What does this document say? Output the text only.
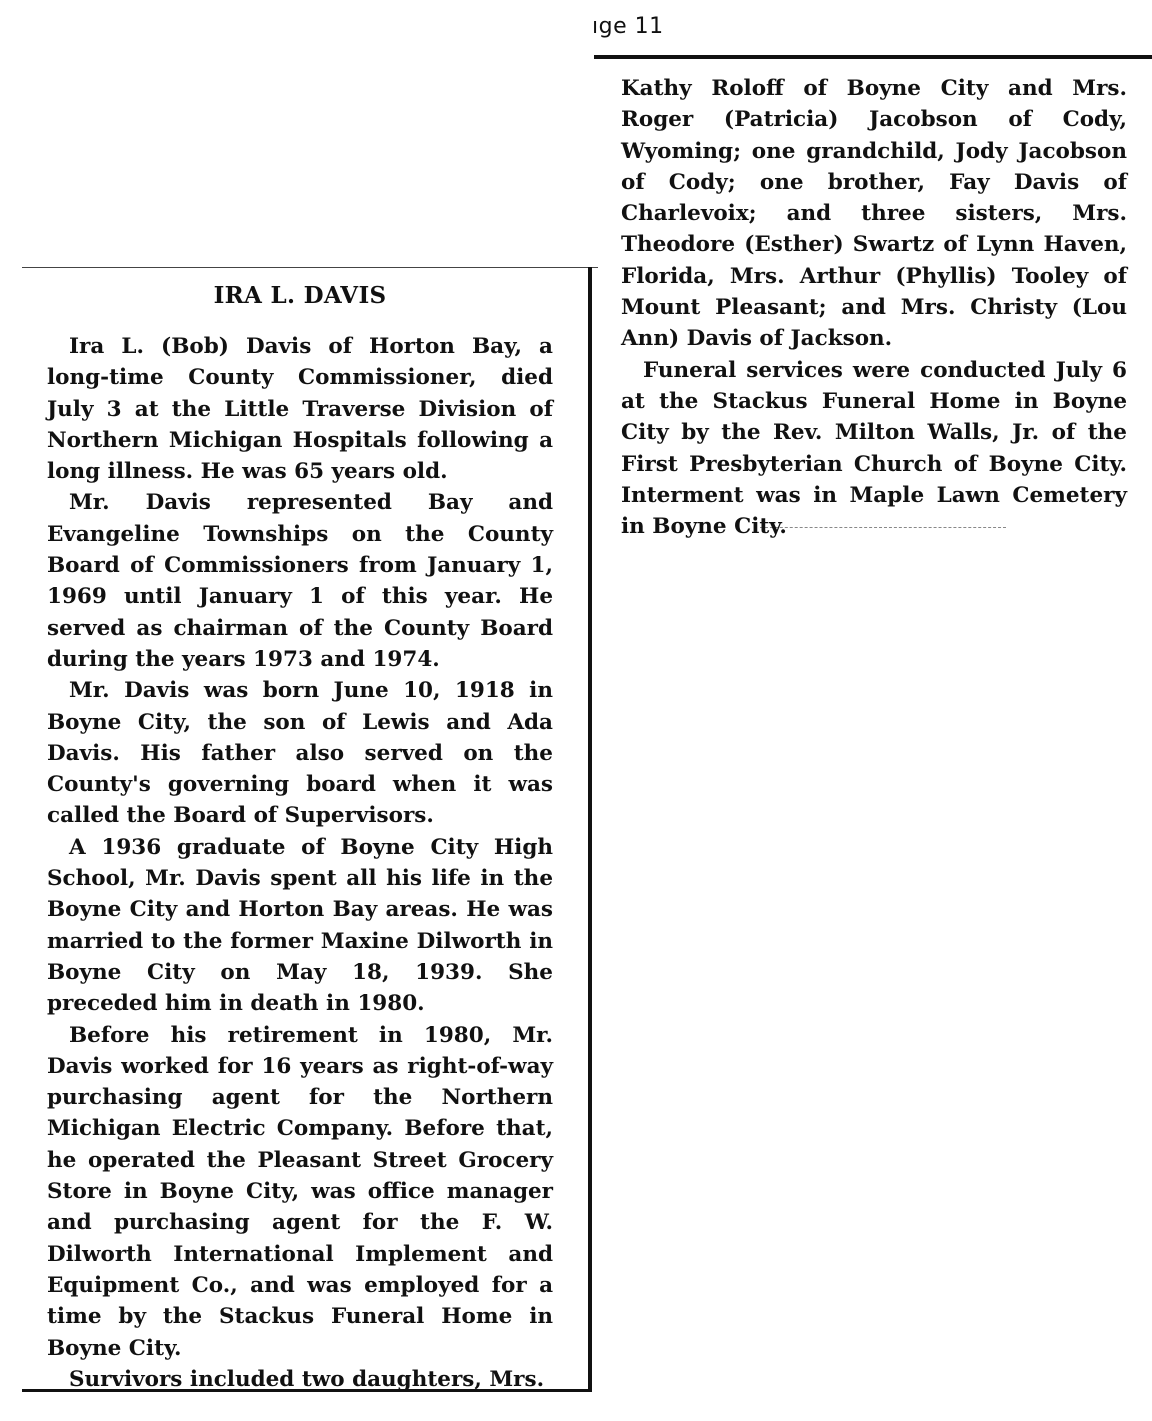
ıge 11
IRA L. DAVIS

Ira L. (Bob) Davis of Horton Bay, a long-time County Commissioner, died July 3 at the Little Traverse Division of Northern Michigan Hospitals following a long illness. He was 65 years old.

Mr. Davis represented Bay and Evangeline Townships on the County Board of Commissioners from January 1, 1969 until January 1 of this year. He served as chairman of the County Board during the years 1973 and 1974.

Mr. Davis was born June 10, 1918 in Boyne City, the son of Lewis and Ada Davis. His father also served on the County's governing board when it was called the Board of Supervisors.

A 1936 graduate of Boyne City High School, Mr. Davis spent all his life in the Boyne City and Horton Bay areas. He was married to the former Maxine Dilworth in Boyne City on May 18, 1939. She preceded him in death in 1980.

Before his retirement in 1980, Mr. Davis worked for 16 years as right-of-way purchasing agent for the Northern Michigan Electric Company. Before that, he operated the Pleasant Street Grocery Store in Boyne City, was office manager and purchasing agent for the F. W. Dilworth International Implement and Equipment Co., and was employed for a time by the Stackus Funeral Home in Boyne City.

Survivors included two daughters, Mrs.

Kathy Roloff of Boyne City and Mrs. Roger (Patricia) Jacobson of Cody, Wyoming; one grandchild, Jody Jacobson of Cody; one brother, Fay Davis of Charlevoix; and three sisters, Mrs. Theodore (Esther) Swartz of Lynn Haven, Florida, Mrs. Arthur (Phyllis) Tooley of Mount Pleasant; and Mrs. Christy (Lou Ann) Davis of Jackson.

Funeral services were conducted July 6 at the Stackus Funeral Home in Boyne City by the Rev. Milton Walls, Jr. of the First Presbyterian Church of Boyne City. Interment was in Maple Lawn Cemetery in Boyne City.
